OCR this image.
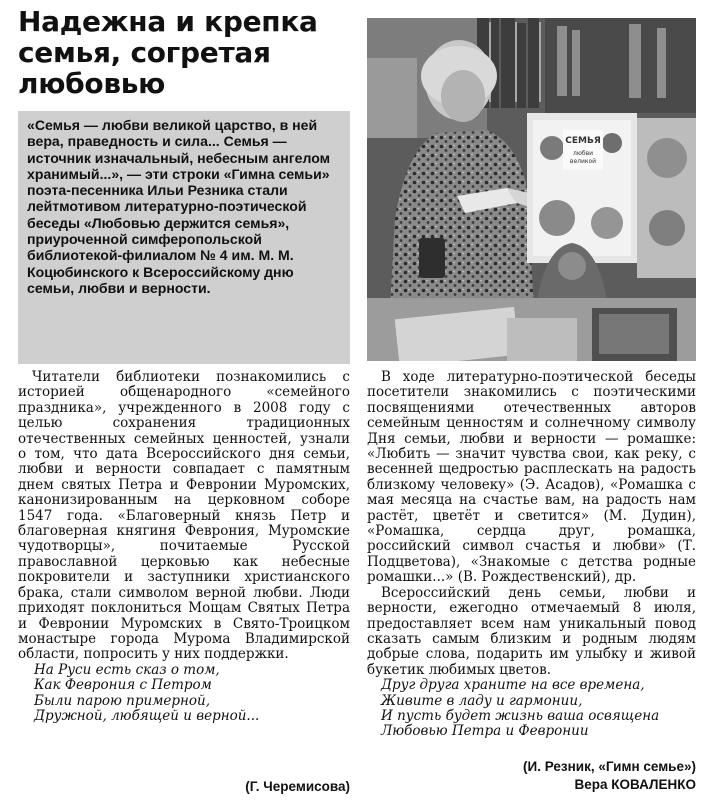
Надежна и крепка семья, согретая любовью

«Семья — любви великой царство, в ней вера, праведность и сила... Семья — источник изначальный, небесным ангелом хранимый...», — эти строки «Гимна семьи» поэта-песенника Ильи Резника стали лейтмотивом литературно-поэтической беседы «Любовью держится семья», приуроченной симферопольской библиотекой-филиалом № 4 им. М. М. Коцюбинского к Всероссийскому дню семьи, любви и верности.

СЕМЬЯ
любви
великой

Читатели библиотеки познакомились с историей общенародного «семейного праздника», учрежденного в 2008 году с целью сохранения традиционных отечественных семейных ценностей, узнали о том, что дата Всероссийского дня семьи, любви и верности совпадает с памятным днем святых Петра и Февронии Муромских, канонизированным на церковном соборе 1547 года. «Благоверный князь Петр и благоверная княгиня Феврония, Муромские чудотворцы», почитаемые Русской православной церковью как небесные покровители и заступники христианского брака, стали символом верной любви. Люди приходят поклониться Мощам Святых Петра и Февронии Муромских в Свято-Троицком монастыре города Мурома Владимирской области, попросить у них поддержки.

На Руси есть сказ о том,
Как Феврония с Петром
Были парою примерной,
Дружной, любящей и верной...
(Г. Черемисова)

В ходе литературно-поэтической беседы посетители знакомились с поэтическими посвящениями отечественных авторов семейным ценностям и солнечному символу Дня семьи, любви и верности — ромашке: «Любить — значит чувства свои, как реку, с весенней щедростью расплескать на радость близкому человеку» (Э. Асадов), «Ромашка с мая месяца на счастье вам, на радость нам растёт, цветёт и светится» (М. Дудин), «Ромашка, сердца друг, ромашка, российский символ счастья и любви» (Т. Подцветова), «Знакомые с детства родные ромашки...» (В. Рождественский), др.

Всероссийский день семьи, любви и верности, ежегодно отмечаемый 8 июля, предоставляет всем нам уникальный повод сказать самым близким и родным людям добрые слова, подарить им улыбку и живой букетик любимых цветов.

Друг друга храните на все времена,
Живите в ладу и гармонии,
И пусть будет жизнь ваша освящена
Любовью Петра и Февронии
(И. Резник, «Гимн семье»)
Вера КОВАЛЕНКО
